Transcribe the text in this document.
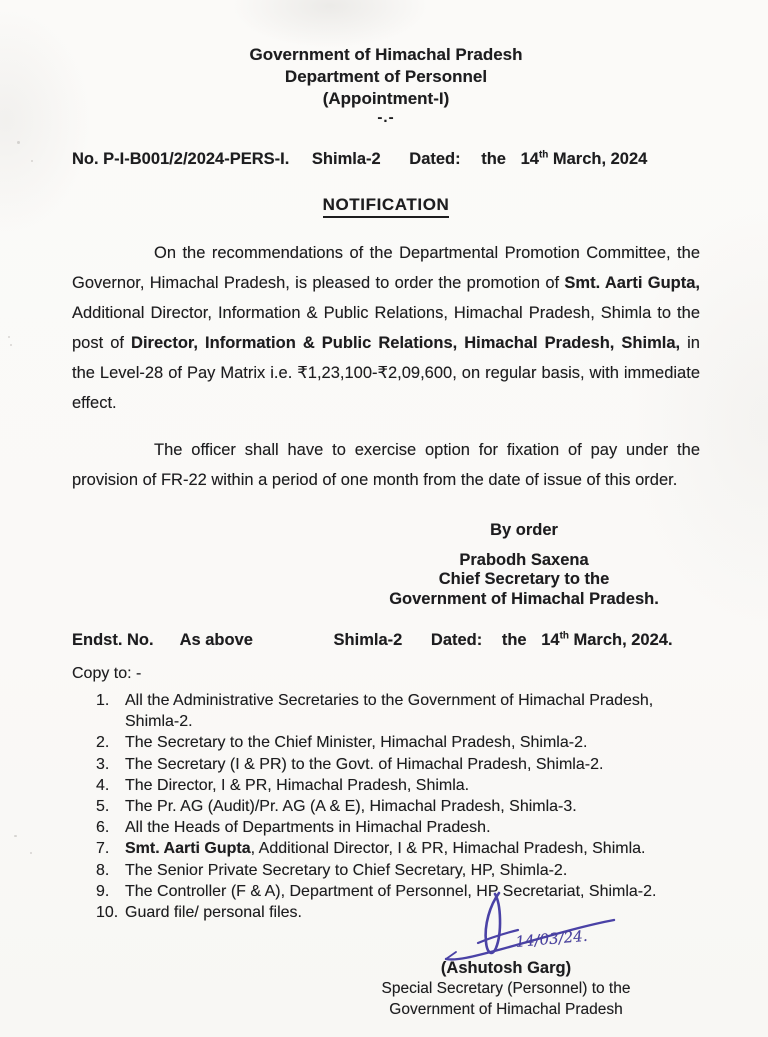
Government of Himachal Pradesh
Department of Personnel
(Appointment-I)
-.-
No. P-I-B001/2/2024-PERS-I. Shimla-2 Dated: the 14th March, 2024
NOTIFICATION

On the recommendations of the Departmental Promotion Committee, the Governor, Himachal Pradesh, is pleased to order the promotion of Smt. Aarti Gupta, Additional Director, Information & Public Relations, Himachal Pradesh, Shimla to the post of Director, Information & Public Relations, Himachal Pradesh, Shimla, in the Level-28 of Pay Matrix i.e. ₹1,23,100-₹2,09,600, on regular basis, with immediate effect.

The officer shall have to exercise option for fixation of pay under the provision of FR-22 within a period of one month from the date of issue of this order.

By order
Prabodh Saxena
Chief Secretary to the
Government of Himachal Pradesh.
Endst. No. As above	Shimla-2 Dated: the 14th March, 2024.
Copy to: -
1. All the Administrative Secretaries to the Government of Himachal Pradesh, Shimla-2.
2. The Secretary to the Chief Minister, Himachal Pradesh, Shimla-2.
3. The Secretary (I & PR) to the Govt. of Himachal Pradesh, Shimla-2.
4. The Director, I & PR, Himachal Pradesh, Shimla.
5. The Pr. AG (Audit)/Pr. AG (A & E), Himachal Pradesh, Shimla-3.
6. All the Heads of Departments in Himachal Pradesh.
7. Smt. Aarti Gupta, Additional Director, I & PR, Himachal Pradesh, Shimla.
8. The Senior Private Secretary to Chief Secretary, HP, Shimla-2.
9. The Controller (F & A), Department of Personnel, HP Secretariat, Shimla-2.
10. Guard file/ personal files.
14/03/24.
(Ashutosh Garg)
Special Secretary (Personnel) to the
Government of Himachal Pradesh
